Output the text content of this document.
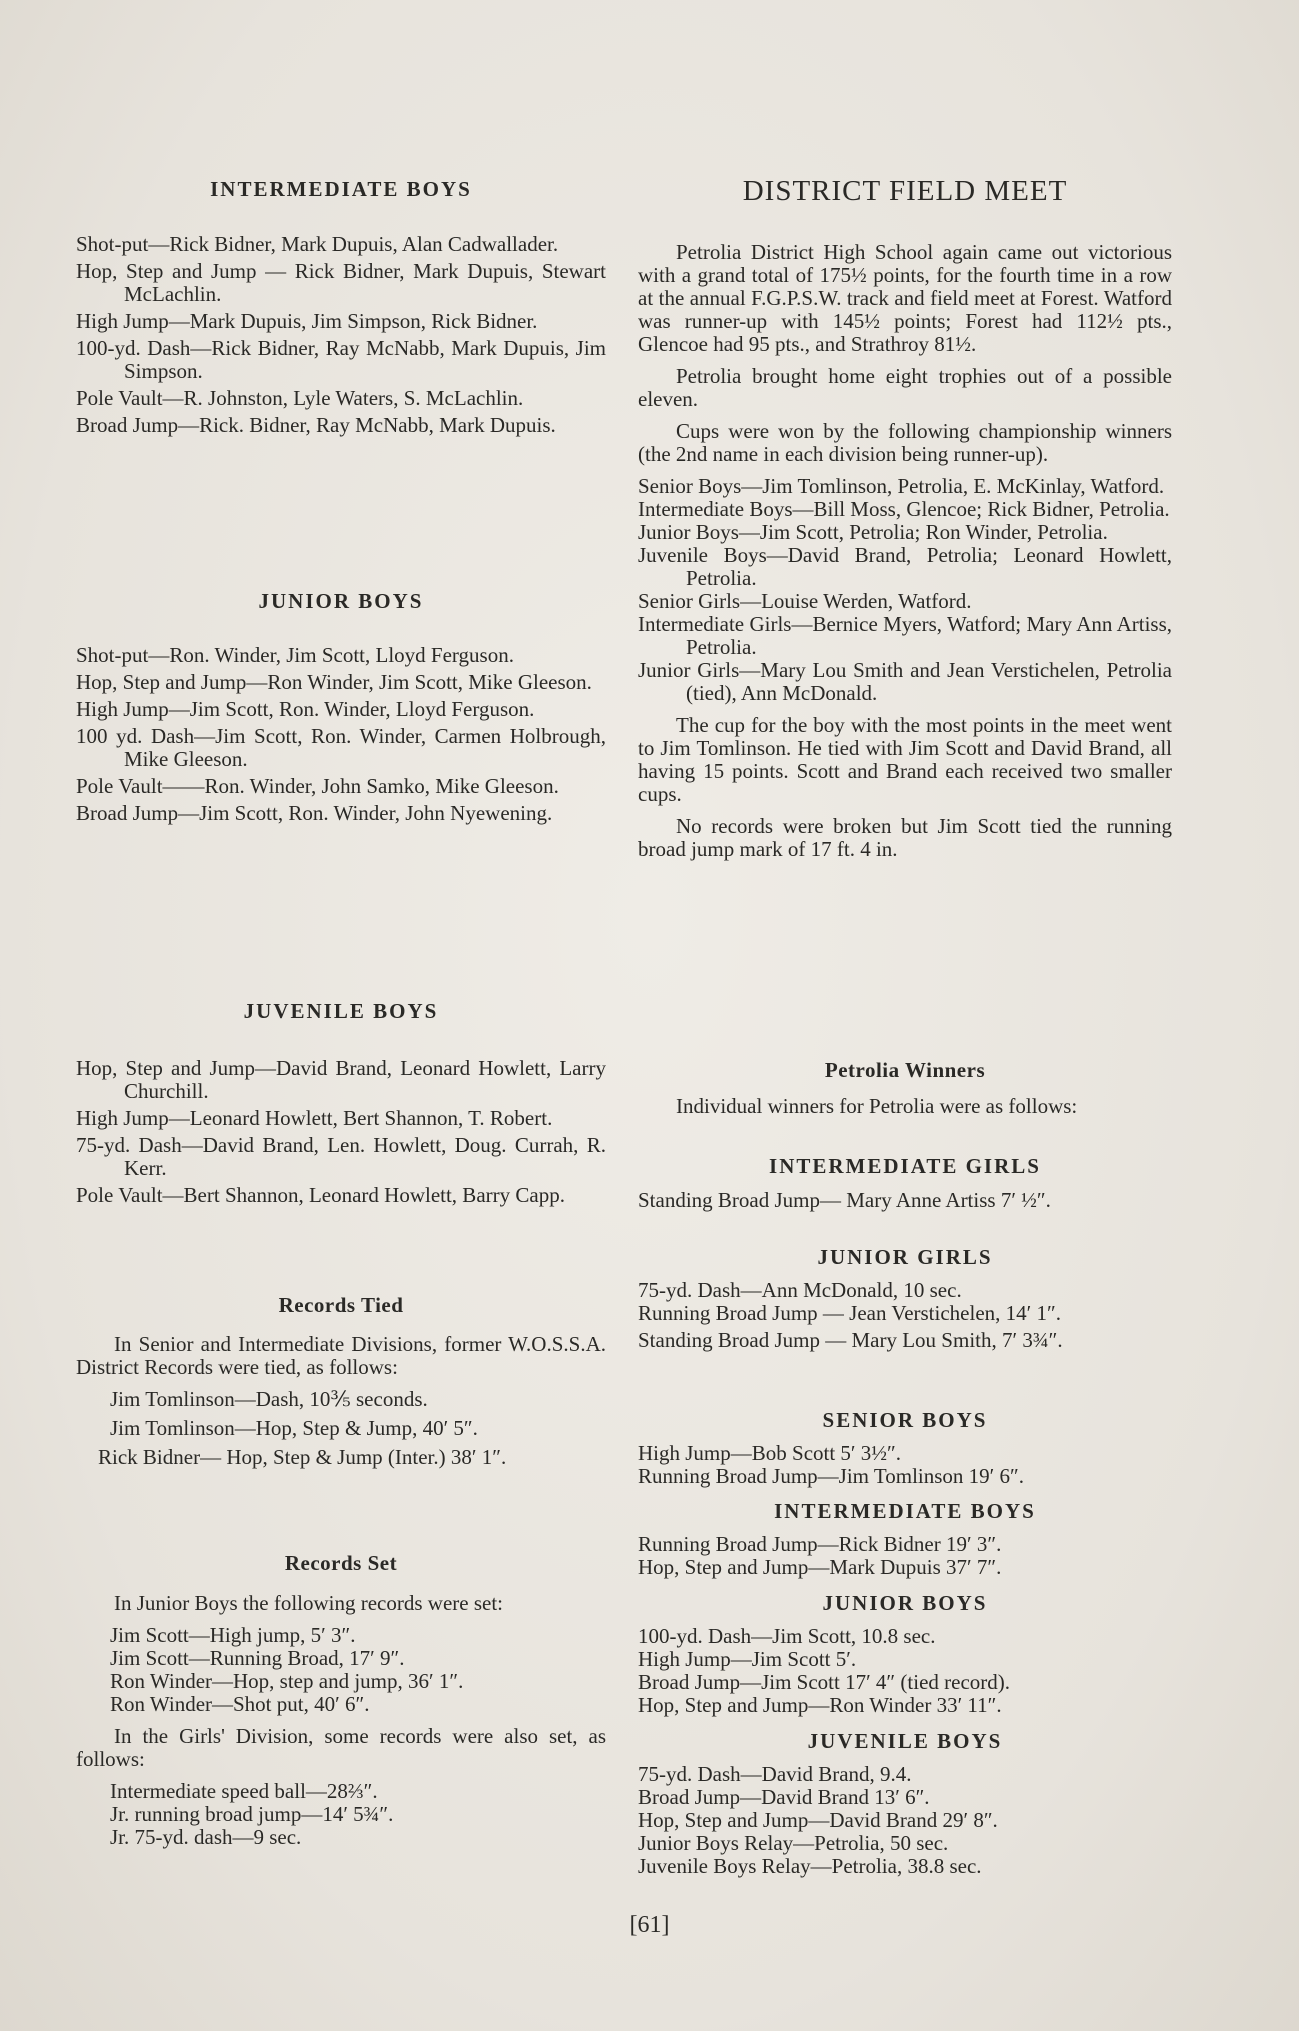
INTERMEDIATE BOYS

Shot-put—Rick Bidner, Mark Dupuis, Alan Cadwallader.

Hop, Step and Jump — Rick Bidner, Mark Dupuis, Stewart McLachlin.

High Jump—Mark Dupuis, Jim Simpson, Rick Bidner.

100-yd. Dash—Rick Bidner, Ray McNabb, Mark Dupuis, Jim Simpson.

Pole Vault—R. Johnston, Lyle Waters, S. McLachlin.

Broad Jump—Rick. Bidner, Ray McNabb, Mark Dupuis.

JUNIOR BOYS

Shot-put—Ron. Winder, Jim Scott, Lloyd Ferguson.

Hop, Step and Jump—Ron Winder, Jim Scott, Mike Gleeson.

High Jump—Jim Scott, Ron. Winder, Lloyd Ferguson.

100 yd. Dash—Jim Scott, Ron. Winder, Carmen Holbrough, Mike Gleeson.

Pole Vault——Ron. Winder, John Samko, Mike Gleeson.

Broad Jump—Jim Scott, Ron. Winder, John Nyewening.

JUVENILE BOYS

Hop, Step and Jump—David Brand, Leonard Howlett, Larry Churchill.

High Jump—Leonard Howlett, Bert Shannon, T. Robert.

75-yd. Dash—David Brand, Len. Howlett, Doug. Currah, R. Kerr.

Pole Vault—Bert Shannon, Leonard Howlett, Barry Capp.

Records Tied

In Senior and Intermediate Divisions, former W.O.S.S.A. District Records were tied, as follows:

Jim Tomlinson—Dash, 10⅗ seconds.
Jim Tomlinson—Hop, Step & Jump, 40′ 5″.
Rick Bidner— Hop, Step & Jump (Inter.) 38′ 1″.

Records Set

In Junior Boys the following records were set:

Jim Scott—High jump, 5′ 3″.
Jim Scott—Running Broad, 17′ 9″.
Ron Winder—Hop, step and jump, 36′ 1″.
Ron Winder—Shot put, 40′ 6″.

In the Girls' Division, some records were also set, as follows:

Intermediate speed ball—28⅔″.
Jr. running broad jump—14′ 5¾″.
Jr. 75-yd. dash—9 sec.
DISTRICT FIELD MEET

Petrolia District High School again came out victorious with a grand total of 175½ points, for the fourth time in a row at the annual F.G.P.S.W. track and field meet at Forest. Watford was runner-up with 145½ points; Forest had 112½ pts., Glencoe had 95 pts., and Strathroy 81½.

Petrolia brought home eight trophies out of a possible eleven.

Cups were won by the following championship winners (the 2nd name in each division being runner-up).

Senior Boys—Jim Tomlinson, Petrolia, E. McKinlay, Watford.

Intermediate Boys—Bill Moss, Glencoe; Rick Bidner, Petrolia.

Junior Boys—Jim Scott, Petrolia; Ron Winder, Petrolia.

Juvenile Boys—David Brand, Petrolia; Leonard Howlett, Petrolia.

Senior Girls—Louise Werden, Watford.

Intermediate Girls—Bernice Myers, Watford; Mary Ann Artiss, Petrolia.

Junior Girls—Mary Lou Smith and Jean Verstichelen, Petrolia (tied), Ann McDonald.

The cup for the boy with the most points in the meet went to Jim Tomlinson. He tied with Jim Scott and David Brand, all having 15 points. Scott and Brand each received two smaller cups.

No records were broken but Jim Scott tied the running broad jump mark of 17 ft. 4 in.

Petrolia Winners

Individual winners for Petrolia were as follows:

INTERMEDIATE GIRLS

Standing Broad Jump— Mary Anne Artiss 7′ ½″.

JUNIOR GIRLS

75-yd. Dash—Ann McDonald, 10 sec.

Running Broad Jump — Jean Verstichelen, 14′ 1″.

Standing Broad Jump — Mary Lou Smith, 7′ 3¾″.

SENIOR BOYS

High Jump—Bob Scott 5′ 3½″.

Running Broad Jump—Jim Tomlinson 19′ 6″.

INTERMEDIATE BOYS

Running Broad Jump—Rick Bidner 19′ 3″.

Hop, Step and Jump—Mark Dupuis 37′ 7″.

JUNIOR BOYS

100-yd. Dash—Jim Scott, 10.8 sec.

High Jump—Jim Scott 5′.

Broad Jump—Jim Scott 17′ 4″ (tied record).

Hop, Step and Jump—Ron Winder 33′ 11″.

JUVENILE BOYS

75-yd. Dash—David Brand, 9.4.

Broad Jump—David Brand 13′ 6″.

Hop, Step and Jump—David Brand 29′ 8″.

Junior Boys Relay—Petrolia, 50 sec.

Juvenile Boys Relay—Petrolia, 38.8 sec.

[61]
